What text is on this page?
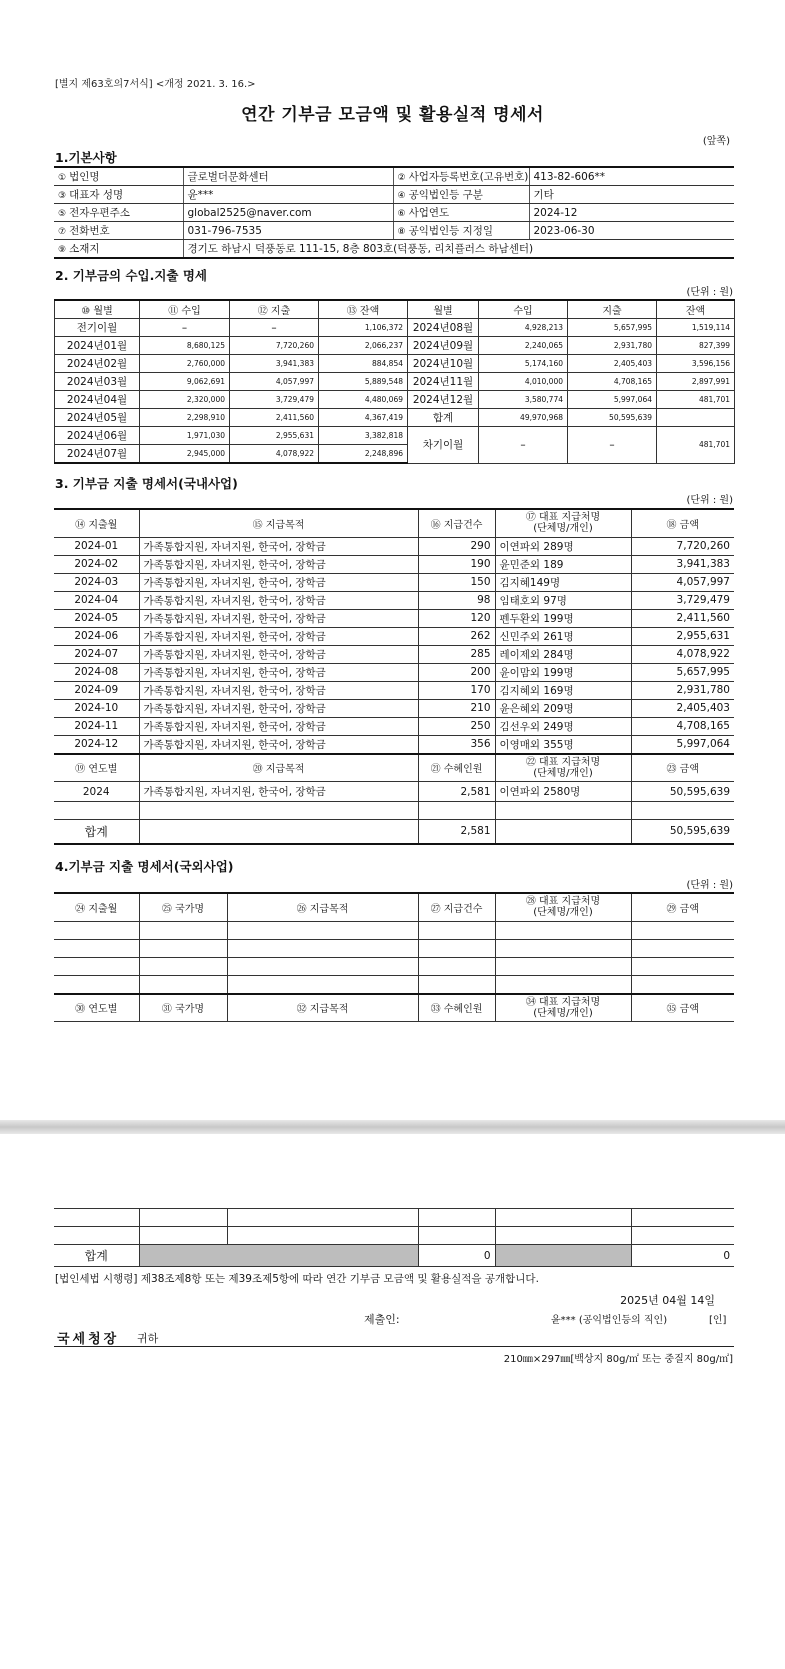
[별지 제63호의7서식] <개정 2021. 3. 16.>
연간 기부금 모금액 및 활용실적 명세서
(앞쪽)
1.기본사항
① 법인명	글로벌더문화센터	② 사업자등록번호(고유번호)	413-82-606**
③ 대표자 성명	윤***	④ 공익법인등 구분	기타
⑤ 전자우편주소	global2525@naver.com	⑥ 사업연도	2024-12
⑦ 전화번호	031-796-7535	⑧ 공익법인등 지정일	2023-06-30
⑨ 소재지	경기도 하남시 덕풍동로 111-15, 8층 803호(덕풍동, 리치플러스 하남센터)		
2. 기부금의 수입.지출 명세
(단위 : 원)
⑩ 월별	⑪ 수입	⑫ 지출	⑬ 잔액	월별	수입	지출	잔액
전기이월	–	–	1,106,372	2024년08월	4,928,213	5,657,995	1,519,114
2024년01월	8,680,125	7,720,260	2,066,237	2024년09월	2,240,065	2,931,780	827,399
2024년02월	2,760,000	3,941,383	884,854	2024년10월	5,174,160	2,405,403	3,596,156
2024년03월	9,062,691	4,057,997	5,889,548	2024년11월	4,010,000	4,708,165	2,897,991
2024년04월	2,320,000	3,729,479	4,480,069	2024년12월	3,580,774	5,997,064	481,701
2024년05월	2,298,910	2,411,560	4,367,419	합계	49,970,968	50,595,639	
2024년06월	1,971,030	2,955,631	3,382,818	차기이월	–	–	481,701
2024년07월	2,945,000	4,078,922	2,248,896				
3. 기부금 지출 명세서(국내사업)
(단위 : 원)
⑭ 지출월	⑮ 지급목적	⑯ 지급건수	⑰ 대표 지급처명
(단체명/개인)	⑱ 금액
2024-01	가족통합지원, 자녀지원, 한국어, 장학금	290	이연파외 289명	7,720,260
2024-02	가족통합지원, 자녀지원, 한국어, 장학금	190	윤민준외 189	3,941,383
2024-03	가족통합지원, 자녀지원, 한국어, 장학금	150	김지혜149명	4,057,997
2024-04	가족통합지원, 자녀지원, 한국어, 장학금	98	임태호외 97명	3,729,479
2024-05	가족통합지원, 자녀지원, 한국어, 장학금	120	펜두환외 199명	2,411,560
2024-06	가족통합지원, 자녀지원, 한국어, 장학금	262	신민주외 261명	2,955,631
2024-07	가족통합지원, 자녀지원, 한국어, 장학금	285	레이제외 284명	4,078,922
2024-08	가족통합지원, 자녀지원, 한국어, 장학금	200	윤이맘외 199명	5,657,995
2024-09	가족통합지원, 자녀지원, 한국어, 장학금	170	김지혜외 169명	2,931,780
2024-10	가족통합지원, 자녀지원, 한국어, 장학금	210	윤은혜외 209명	2,405,403
2024-11	가족통합지원, 자녀지원, 한국어, 장학금	250	김선우외 249명	4,708,165
2024-12	가족통합지원, 자녀지원, 한국어, 장학금	356	이영매외 355명	5,997,064
⑲ 연도별	⑳ 지급목적	㉑ 수혜인원	㉒ 대표 지급처명
(단체명/개인)	㉓ 금액
2024	가족통합지원, 자녀지원, 한국어, 장학금	2,581	이연파외 2580명	50,595,639

합계		2,581		50,595,639
4.기부금 지출 명세서(국외사업)
(단위 : 원)
㉔ 지출월	㉕ 국가명	㉖ 지급목적	㉗ 지급건수	㉘ 대표 지급처명
(단체명/개인)	㉙ 금액

㉚ 연도별	㉛ 국가명	㉜ 지급목적	㉝ 수혜인원	㉞ 대표 지급처명
(단체명/개인)	㉟ 금액

합계			0		0
[법인세법 시행령] 제38조제8항 또는 제39조제5항에 따라 연간 기부금 모금액 및 활용실적을 공개합니다.
2025년 04월 14일
제출인:	윤*** (공익법인등의 직인)	[인]
국세청장 귀하
210㎜×297㎜[백상지 80g/㎡ 또는 중질지 80g/㎡]
